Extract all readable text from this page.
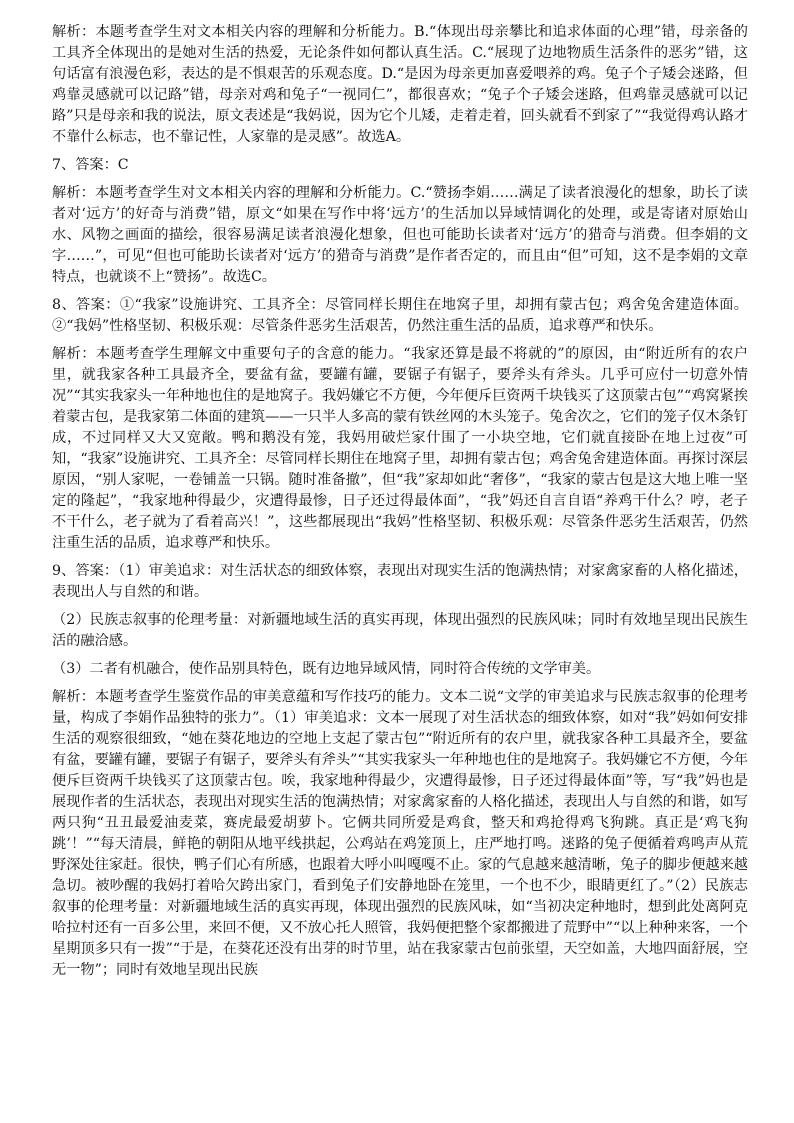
解析：本题考查学生对文本相关内容的理解和分析能力。B.“体现出母亲攀比和追求体面的心理”错，母亲备的工具齐全体现出的是她对生活的热爱，无论条件如何都认真生活。C.“展现了边地物质生活条件的恶劣”错，这句话富有浪漫色彩，表达的是不惧艰苦的乐观态度。D.“是因为母亲更加喜爱喂养的鸡。兔子个子矮会迷路，但鸡靠灵感就可以记路”错，母亲对鸡和兔子“一视同仁”，都很喜欢；“兔子个子矮会迷路，但鸡靠灵感就可以记路”只是母亲和我的说法，原文表述是“我妈说，因为它个儿矮，走着走着，回头就看不到家了”“我觉得鸡认路才不靠什么标志，也不靠记性，人家靠的是灵感”。故选A。

7、答案：C

解析：本题考查学生对文本相关内容的理解和分析能力。C.“赞扬李娟……满足了读者浪漫化的想象，助长了读者对‘远方’的好奇与消费”错，原文“如果在写作中将‘远方’的生活加以异域情调化的处理，或是寄诸对原始山水、风物之画面的描绘，很容易满足读者浪漫化想象，但也可能助长读者对‘远方’的猎奇与消费。但李娟的文字……”，可见“但也可能助长读者对‘远方’的猎奇与消费”是作者否定的，而且由“但”可知，这不是李娟的文章特点，也就谈不上“赞扬”。故选C。

8、答案：①“我家”设施讲究、工具齐全：尽管同样长期住在地窝子里，却拥有蒙古包；鸡舍兔舍建造体面。②“我妈”性格坚韧、积极乐观：尽管条件恶劣生活艰苦，仍然注重生活的品质，追求尊严和快乐。

解析：本题考查学生理解文中重要句子的含意的能力。“我家还算是最不将就的”的原因，由“附近所有的农户里，就我家各种工具最齐全，要盆有盆，要罐有罐，要锯子有锯子，要斧头有斧头。几乎可应付一切意外情况”“其实我家头一年种地也住的是地窝子。我妈嫌它不方便，今年便斥巨资两千块钱买了这顶蒙古包”“鸡窝紧挨着蒙古包，是我家第二体面的建筑——一只半人多高的蒙有铁丝网的木头笼子。兔舍次之，它们的笼子仅木条钉成，不过同样又大又宽敞。鸭和鹅没有笼，我妈用破烂家什围了一小块空地，它们就直接卧在地上过夜”可知，“我家”设施讲究、工具齐全：尽管同样长期住在地窝子里，却拥有蒙古包；鸡舍兔舍建造体面。再探讨深层原因，“别人家呢，一卷铺盖一只锅。随时准备撤”，但“我”家却如此“奢侈”，“我家的蒙古包是这大地上唯一坚定的隆起”，“我家地种得最少，灾遭得最惨，日子还过得最体面”，“我”妈还自言自语“养鸡干什么？哼，老子不干什么，老子就为了看着高兴！”，这些都展现出“我妈”性格坚韧、积极乐观：尽管条件恶劣生活艰苦，仍然注重生活的品质，追求尊严和快乐。

9、答案：（1）审美追求：对生活状态的细致体察，表现出对现实生活的饱满热情；对家禽家畜的人格化描述，表现出人与自然的和谐。

（2）民族志叙事的伦理考量：对新疆地域生活的真实再现，体现出强烈的民族风味；同时有效地呈现出民族生活的融洽感。

（3）二者有机融合，使作品别具特色，既有边地异域风情，同时符合传统的文学审美。

解析：本题考查学生鉴赏作品的审美意蕴和写作技巧的能力。文本二说“文学的审美追求与民族志叙事的伦理考量，构成了李娟作品独特的张力”。（1）审美追求：文本一展现了对生活状态的细致体察，如对“我”妈如何安排生活的观察很细致，“她在葵花地边的空地上支起了蒙古包”“附近所有的农户里，就我家各种工具最齐全，要盆有盆，要罐有罐，要锯子有锯子，要斧头有斧头”“其实我家头一年种地也住的是地窝子。我妈嫌它不方便，今年便斥巨资两千块钱买了这顶蒙古包。唉，我家地种得最少，灾遭得最惨，日子还过得最体面”等，写“我”妈也是展现作者的生活状态，表现出对现实生活的饱满热情；对家禽家畜的人格化描述，表现出人与自然的和谐，如写两只狗“丑丑最爱油麦菜，赛虎最爱胡萝卜。它俩共同所爱是鸡食，整天和鸡抢得鸡飞狗跳。真正是‘鸡飞狗跳’！”“每天清晨，鲜艳的朝阳从地平线拱起，公鸡站在鸡笼顶上，庄严地打鸣。迷路的兔子便循着鸡鸣声从荒野深处往家赶。很快，鸭子们心有所感，也跟着大呼小叫嘎嘎不止。家的气息越来越清晰，兔子的脚步便越来越急切。被吵醒的我妈打着哈欠跨出家门，看到兔子们安静地卧在笼里，一个也不少，眼睛更红了。”（2）民族志叙事的伦理考量：对新疆地域生活的真实再现，体现出强烈的民族风味，如“当初决定种地时，想到此处离阿克哈拉村还有一百多公里，来回不便，又不放心托人照管，我妈便把整个家都搬进了荒野中”“以上种种来客，一个星期顶多只有一拨”“于是，在葵花还没有出芽的时节里，站在我家蒙古包前张望，天空如盖，大地四面舒展，空无一物”；同时有效地呈现出民族
